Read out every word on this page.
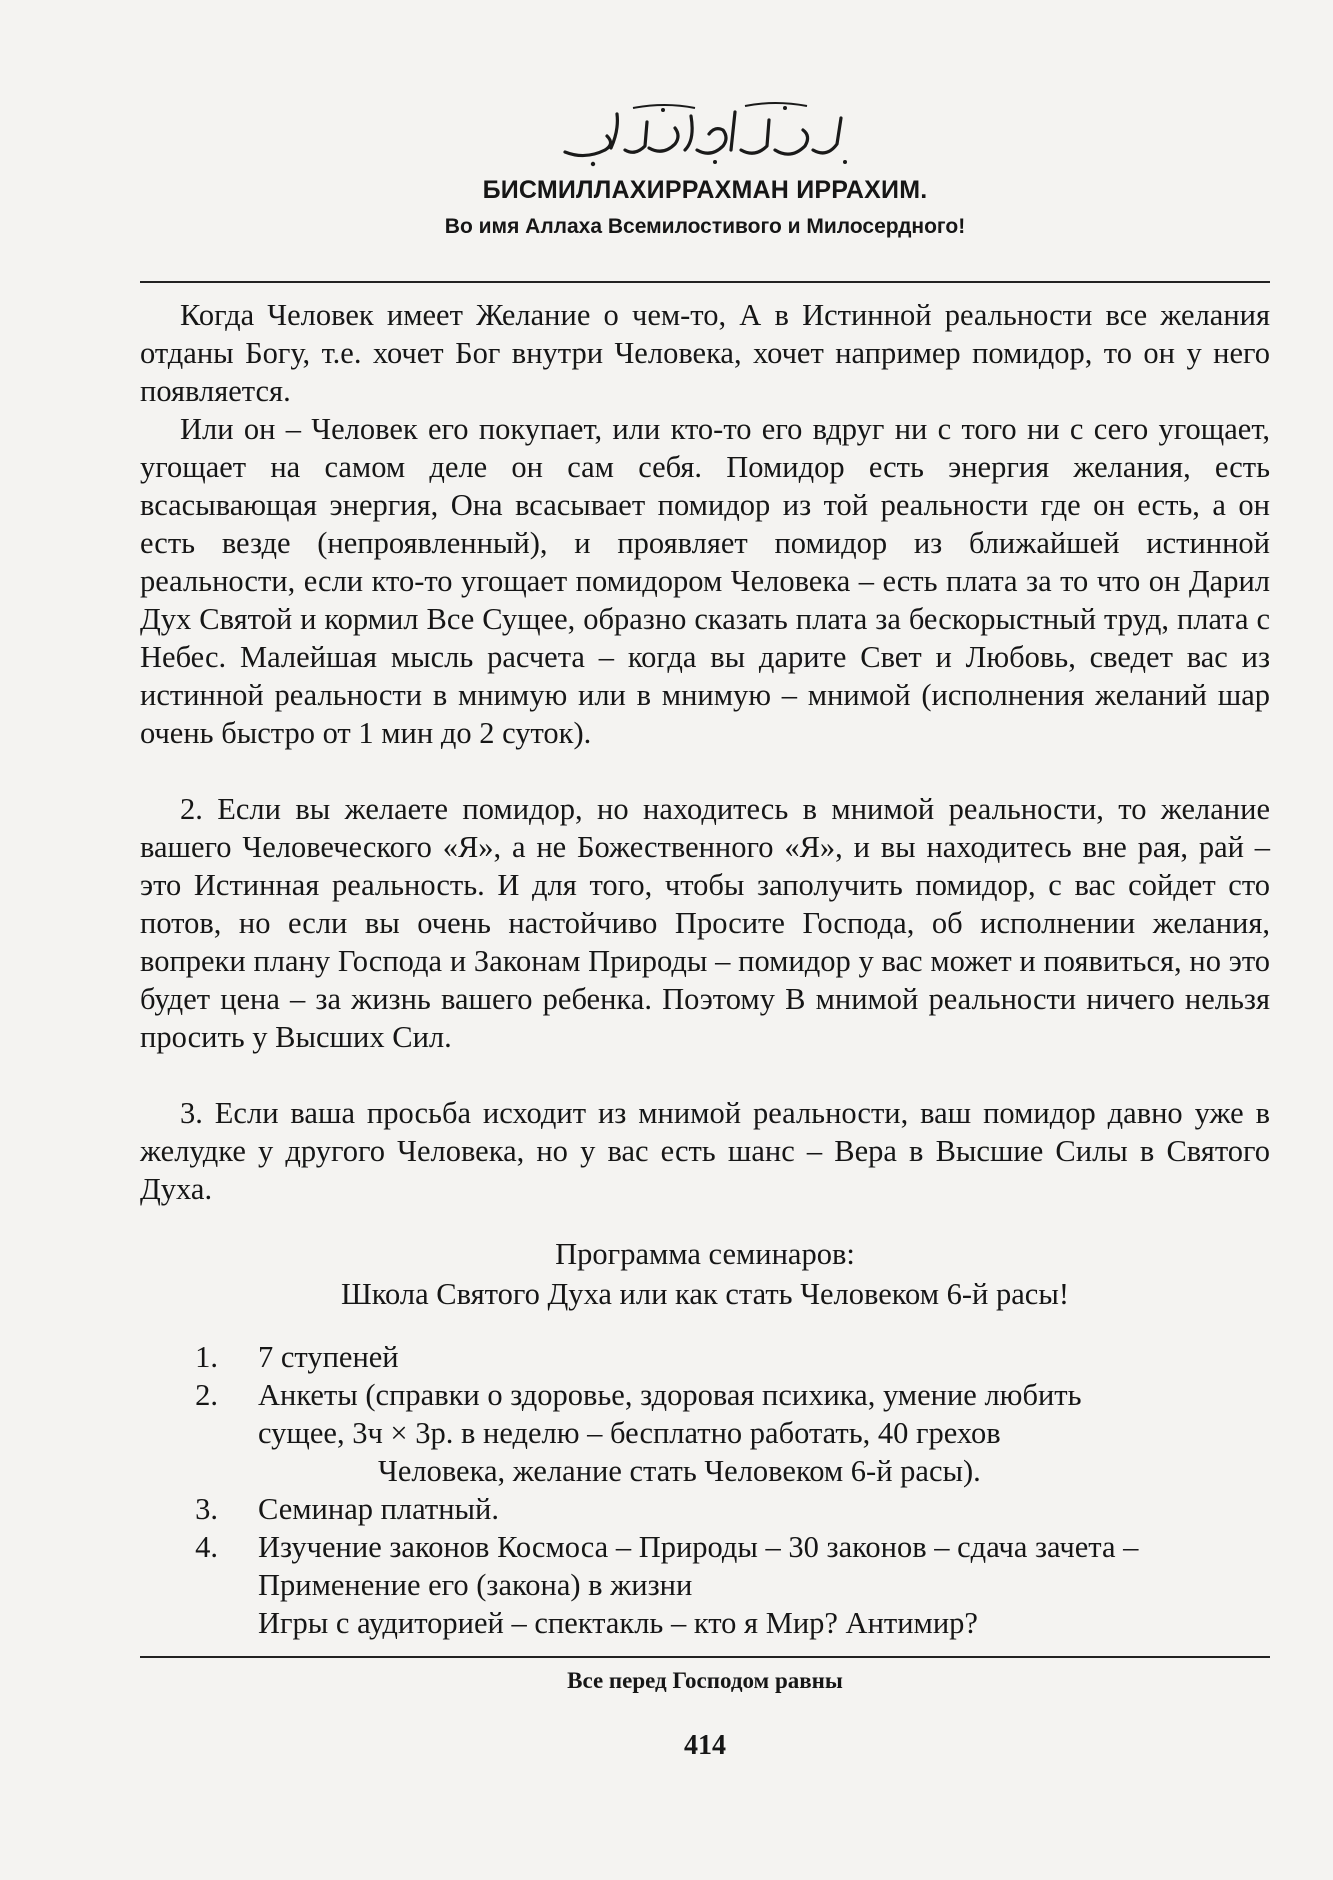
БИСМИЛЛАХИРРАХМАН ИРРАХИМ.
Во имя Аллаха Всемилостивого и Милосердного!

Когда Человек имеет Желание о чем-то, А в Истинной реальности все желания отданы Богу, т.е. хочет Бог внутри Человека, хочет например помидор, то он у него появляется.

Или он – Человек его покупает, или кто-то его вдруг ни с того ни с сего угощает, угощает на самом деле он сам себя. Помидор есть энергия желания, есть всасывающая энергия, Она всасывает помидор из той реальности где он есть, а он есть везде (непроявленный), и проявляет помидор из ближайшей истинной реальности, если кто-то угощает помидором Человека – есть плата за то что он Дарил Дух Святой и кормил Все Сущее, образно сказать плата за бескорыстный труд, плата с Небес. Малейшая мысль расчета – когда вы дарите Свет и Любовь, сведет вас из истинной реальности в мнимую или в мнимую – мнимой (исполнения желаний шар очень быстро от 1 мин до 2 суток).

2. Если вы желаете помидор, но находитесь в мнимой реальности, то желание вашего Человеческого «Я», а не Божественного «Я», и вы находитесь вне рая, рай – это Истинная реальность. И для того, чтобы заполучить помидор, с вас сойдет сто потов, но если вы очень настойчиво Просите Господа, об исполнении желания, вопреки плану Господа и Законам Природы – помидор у вас может и появиться, но это будет цена – за жизнь вашего ребенка. Поэтому В мнимой реальности ничего нельзя просить у Высших Сил.

3. Если ваша просьба исходит из мнимой реальности, ваш помидор давно уже в желудке у другого Человека, но у вас есть шанс – Вера в Высшие Силы в Святого Духа.

Программа семинаров:
Школа Святого Духа или как стать Человеком 6-й расы!
1.	7 ступеней
2.	Анкеты (справки о здоровье, здоровая психика, умение любить
сущее, 3ч × 3р. в неделю – бесплатно работать, 40 грехов
Человека, желание стать Человеком 6-й расы).
3.	Семинар платный.
4.	Изучение законов Космоса – Природы – 30 законов – сдача зачета –
Применение его (закона) в жизни
Игры с аудиторией – спектакль – кто я Мир? Антимир?
Все перед Господом равны
414
